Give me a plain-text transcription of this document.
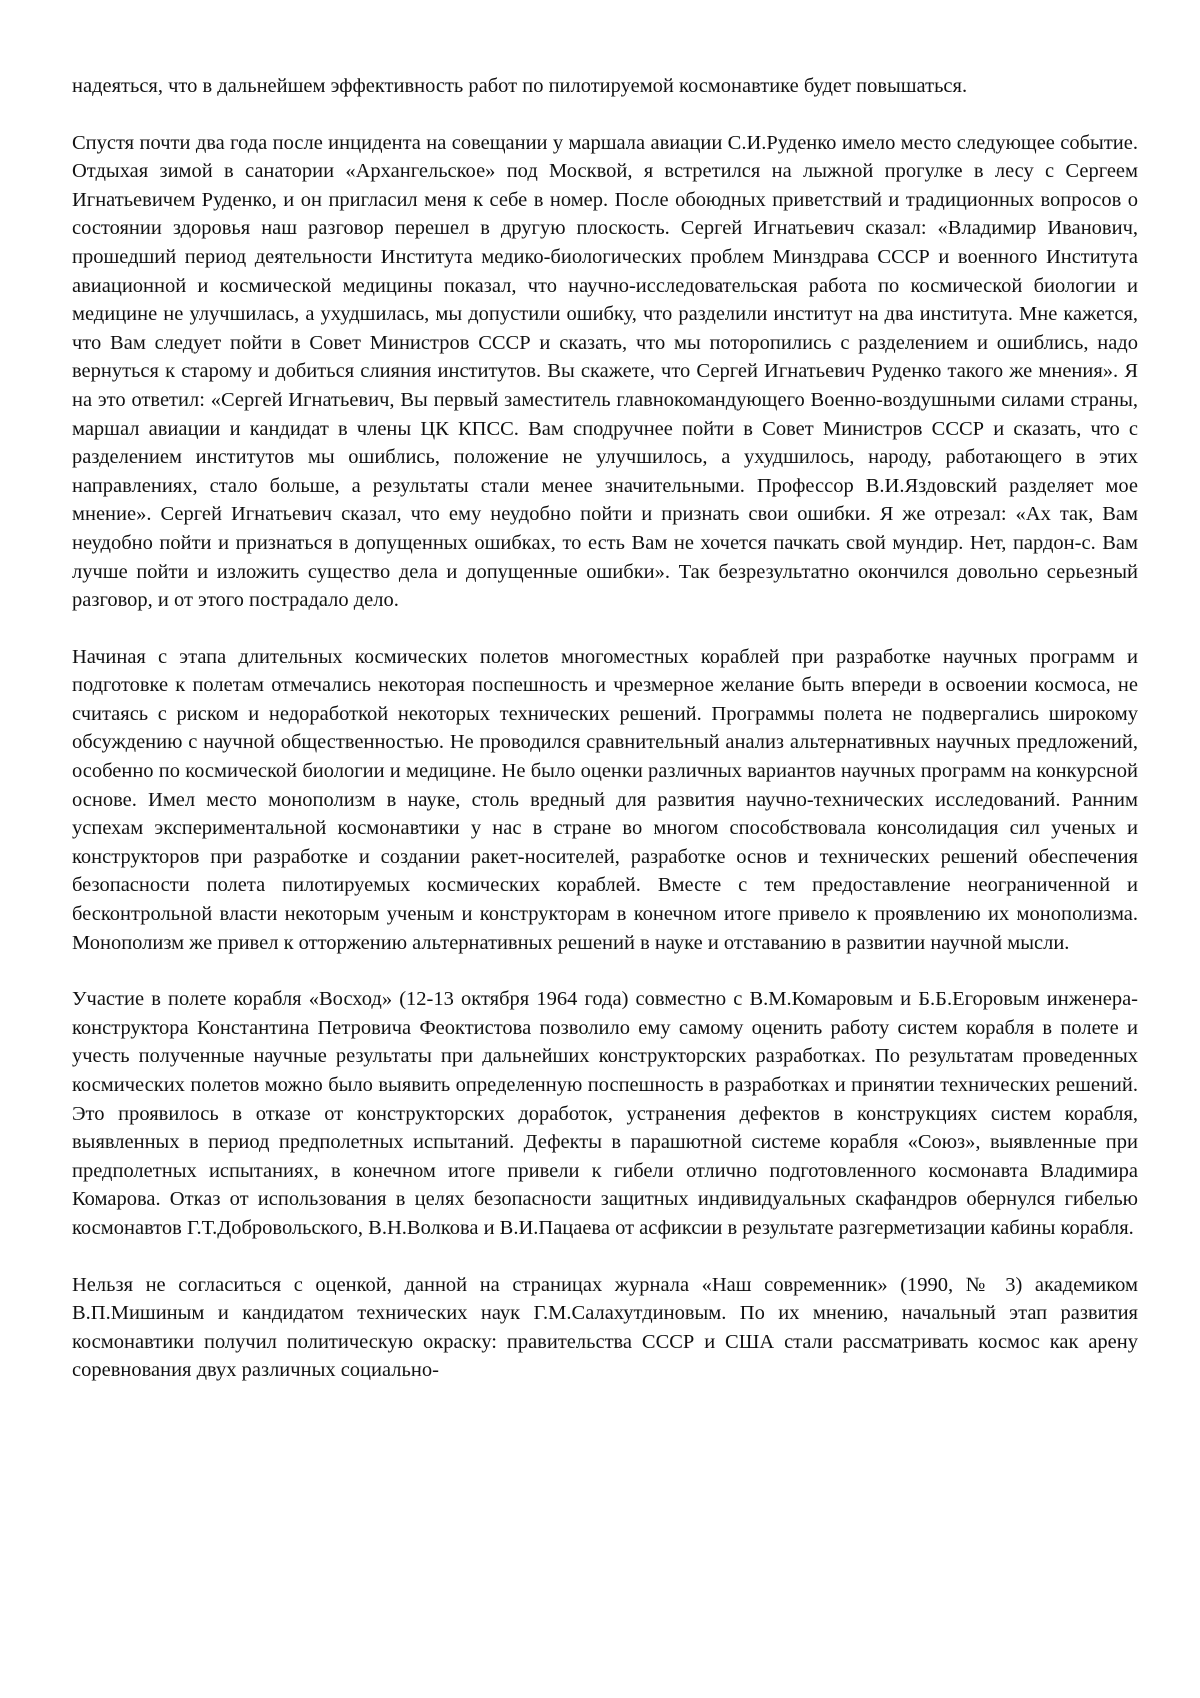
надеяться, что в дальнейшем эффективность работ по пилотируемой космонавтике будет повышаться.

Спустя почти два года после инцидента на совещании у маршала авиации С.И.Руденко имело место следующее событие. Отдыхая зимой в санатории «Архангельское» под Москвой, я встретился на лыжной прогулке в лесу с Сергеем Игнатьевичем Руденко, и он пригласил меня к себе в номер. После обоюдных приветствий и традиционных вопросов о состоянии здоровья наш разговор перешел в другую плоскость. Сергей Игнатьевич сказал: «Владимир Иванович, прошедший период деятельности Института медико-биологических проблем Минздрава СССР и военного Института авиационной и космической медицины показал, что научно-исследовательская работа по космической биологии и медицине не улучшилась, а ухудшилась, мы допустили ошибку, что разделили институт на два института. Мне кажется, что Вам следует пойти в Совет Министров СССР и сказать, что мы поторопились с разделением и ошиблись, надо вернуться к старому и добиться слияния институтов. Вы скажете, что Сергей Игнатьевич Руденко такого же мнения». Я на это ответил: «Сергей Игнатьевич, Вы первый заместитель главнокомандующего Военно-воздушными силами страны, маршал авиации и кандидат в члены ЦК КПСС. Вам сподручнее пойти в Совет Министров СССР и сказать, что с разделением институтов мы ошиблись, положение не улучшилось, а ухудшилось, народу, работающего в этих направлениях, стало больше, а результаты стали менее значительными. Профессор В.И.Яздовский разделяет мое мнение». Сергей Игнатьевич сказал, что ему неудобно пойти и признать свои ошибки. Я же отрезал: «Ах так, Вам неудобно пойти и признаться в допущенных ошибках, то есть Вам не хочется пачкать свой мундир. Нет, пардон-с. Вам лучше пойти и изложить существо дела и допущенные ошибки». Так безрезультатно окончился довольно серьезный разговор, и от этого пострадало дело.

Начиная с этапа длительных космических полетов многоместных кораблей при разработке научных программ и подготовке к полетам отмечались некоторая поспешность и чрезмерное желание быть впереди в освоении космоса, не считаясь с риском и недоработкой некоторых технических решений. Программы полета не подвергались широкому обсуждению с научной общественностью. Не проводился сравнительный анализ альтернативных научных предложений, особенно по космической биологии и медицине. Не было оценки различных вариантов научных программ на конкурсной основе. Имел место монополизм в науке, столь вредный для развития научно-технических исследований. Ранним успехам экспериментальной космонавтики у нас в стране во многом способствовала консолидация сил ученых и конструкторов при разработке и создании ракет-носителей, разработке основ и технических решений обеспечения безопасности полета пилотируемых космических кораблей. Вместе с тем предоставление неограниченной и бесконтрольной власти некоторым ученым и конструкторам в конечном итоге привело к проявлению их монополизма. Монополизм же привел к отторжению альтернативных решений в науке и отставанию в развитии научной мысли.

Участие в полете корабля «Восход» (12-13 октября 1964 года) совместно с В.М.Комаровым и Б.Б.Егоровым инженера-конструктора Константина Петровича Феоктистова позволило ему самому оценить работу систем корабля в полете и учесть полученные научные результаты при дальнейших конструкторских разработках. По результатам проведенных космических полетов можно было выявить определенную поспешность в разработках и принятии технических решений. Это проявилось в отказе от конструкторских доработок, устранения дефектов в конструкциях систем корабля, выявленных в период предполетных испытаний. Дефекты в парашютной системе корабля «Союз», выявленные при предполетных испытаниях, в конечном итоге привели к гибели отлично подготовленного космонавта Владимира Комарова. Отказ от использования в целях безопасности защитных индивидуальных скафандров обернулся гибелью космонавтов Г.Т.Добровольского, В.Н.Волкова и В.И.Пацаева от асфиксии в результате разгерметизации кабины корабля.

Нельзя не согласиться с оценкой, данной на страницах журнала «Наш современник» (1990, № 3) академиком В.П.Мишиным и кандидатом технических наук Г.М.Салахутдиновым. По их мнению, начальный этап развития космонавтики получил политическую окраску: правительства СССР и США стали рассматривать космос как арену соревнования двух различных социально-
